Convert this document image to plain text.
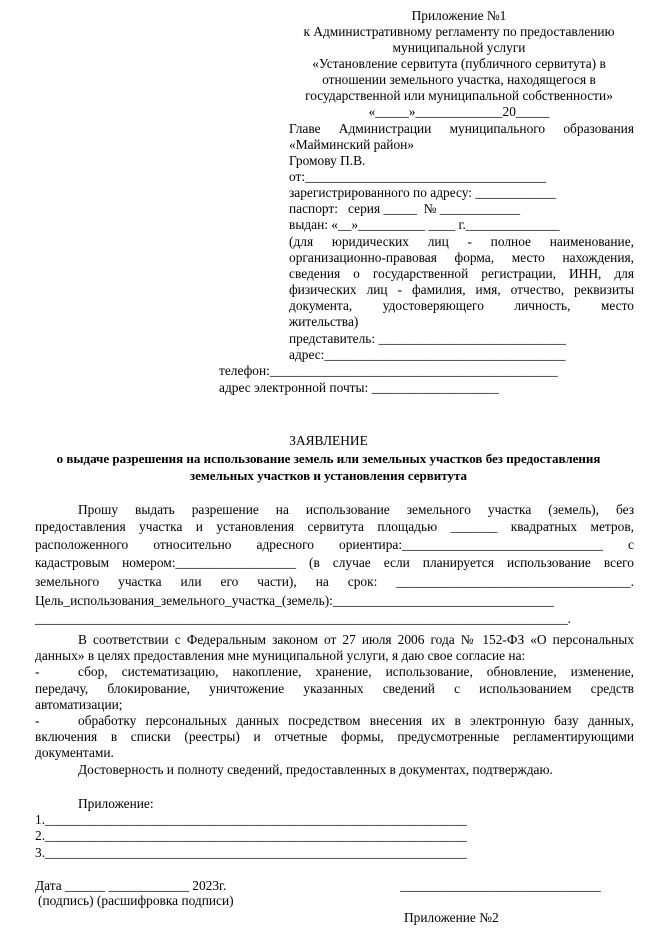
Приложение №1
к Административному регламенту по предоставлению
муниципальной услуги
«Установление сервитута (публичного сервитута) в
отношении земельного участка, находящегося в
государственной или муниципальной собственности»
«_____»_____________20_____
Главе Администрации муниципального образования
«Майминский район»
Громову П.В.
от:____________________________________
зарегистрированного по адресу: ____________
паспорт:   серия _____  № ____________
выдан: «__»__________ ____ г.______________
(для юридических лиц - полное наименование,
организационно-правовая форма, место нахождения,
сведения о государственной регистрации, ИНН, для
физических лиц - фамилия, имя, отчество, реквизиты
документа, удостоверяющего личность, место
жительства)
представитель: ____________________________
адрес:____________________________________
телефон:___________________________________________
адрес электронной почты: ___________________
ЗАЯВЛЕНИЕ
о выдаче разрешения на использование земель или земельных участков без предоставления
земельных участков и установления сервитута
Прошу выдать разрешение на использование земельного участка (земель), без
предоставления участка и установления сервитута площадью _______ квадратных метров,
расположенного относительно адресного ориентира:______________________________ с
кадастровым номером:__________________ (в случае если планируется использование всего
земельного участка или его части), на срок: ___________________________________.
Цель_использования_земельного_участка_(земель):_________________________________
__________________________________________________________________________________.
В соответствии с Федеральным законом от 27 июля 2006 года № 152-ФЗ «О персональных
данных» в целях предоставления мне муниципальной услуги, я даю свое согласие на:
-	сбор, систематизацию, накопление, хранение, использование, обновление, изменение,
передачу, блокирование, уничтожение указанных сведений с использованием средств
автоматизации;
-	обработку персональных данных посредством внесения их в электронную базу данных,
включения в списки (реестры) и отчетные формы, предусмотренные регламентирующими
документами.
Достоверность и полноту сведений, предоставленных в документах, подтверждаю.
Приложение:
1._______________________________________________________________
2._______________________________________________________________
3._______________________________________________________________
Дата ______ ____________ 2023г.	______________________________
(подпись) (расшифровка подписи)
Приложение №2
